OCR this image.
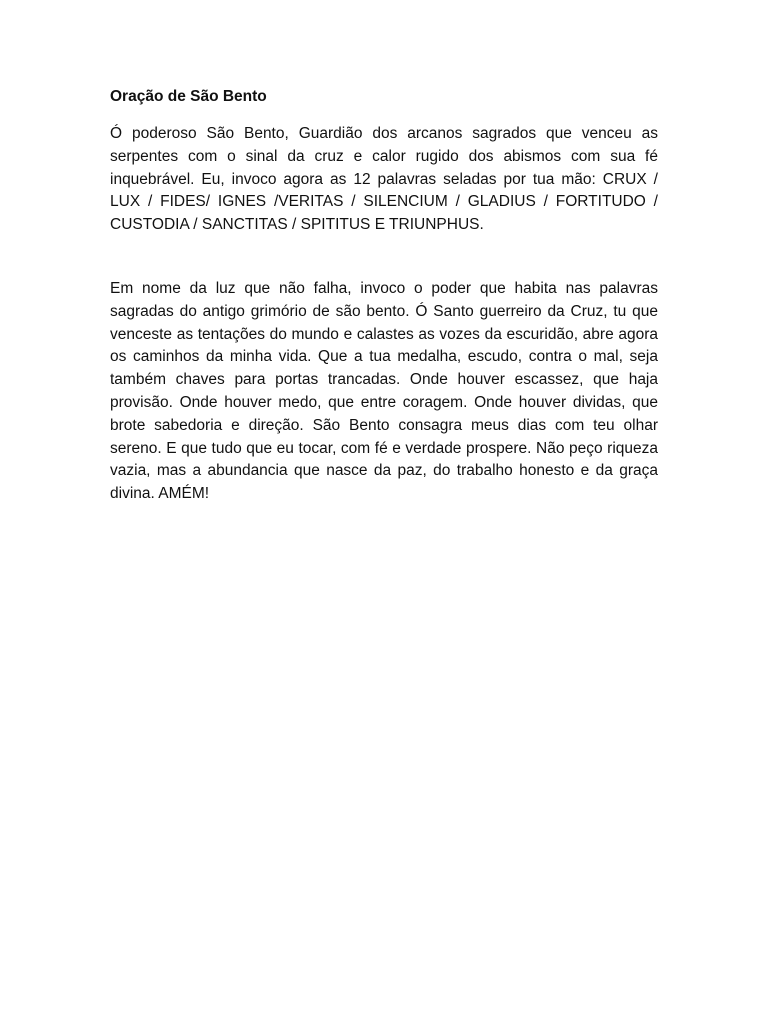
Oração de São Bento

Ó poderoso São Bento, Guardião dos arcanos sagrados que venceu as serpentes com o sinal da cruz e calor rugido dos abismos com sua fé inquebrável. Eu, invoco agora as 12 palavras seladas por tua mão: CRUX / LUX / FIDES/ IGNES /VERITAS / SILENCIUM / GLADIUS / FORTITUDO / CUSTODIA / SANCTITAS / SPITITUS E TRIUNPHUS.

Em nome da luz que não falha, invoco o poder que habita nas palavras sagradas do antigo grimório de são bento. Ó Santo guerreiro da Cruz, tu que venceste as tentações do mundo e calastes as vozes da escuridão, abre agora os caminhos da minha vida. Que a tua medalha, escudo, contra o mal, seja também chaves para portas trancadas. Onde houver escassez, que haja provisão. Onde houver medo, que entre coragem. Onde houver dividas, que brote sabedoria e direção. São Bento consagra meus dias com teu olhar sereno. E que tudo que eu tocar, com fé e verdade prospere. Não peço riqueza vazia, mas a abundancia que nasce da paz, do trabalho honesto e da graça divina. AMÉM!
